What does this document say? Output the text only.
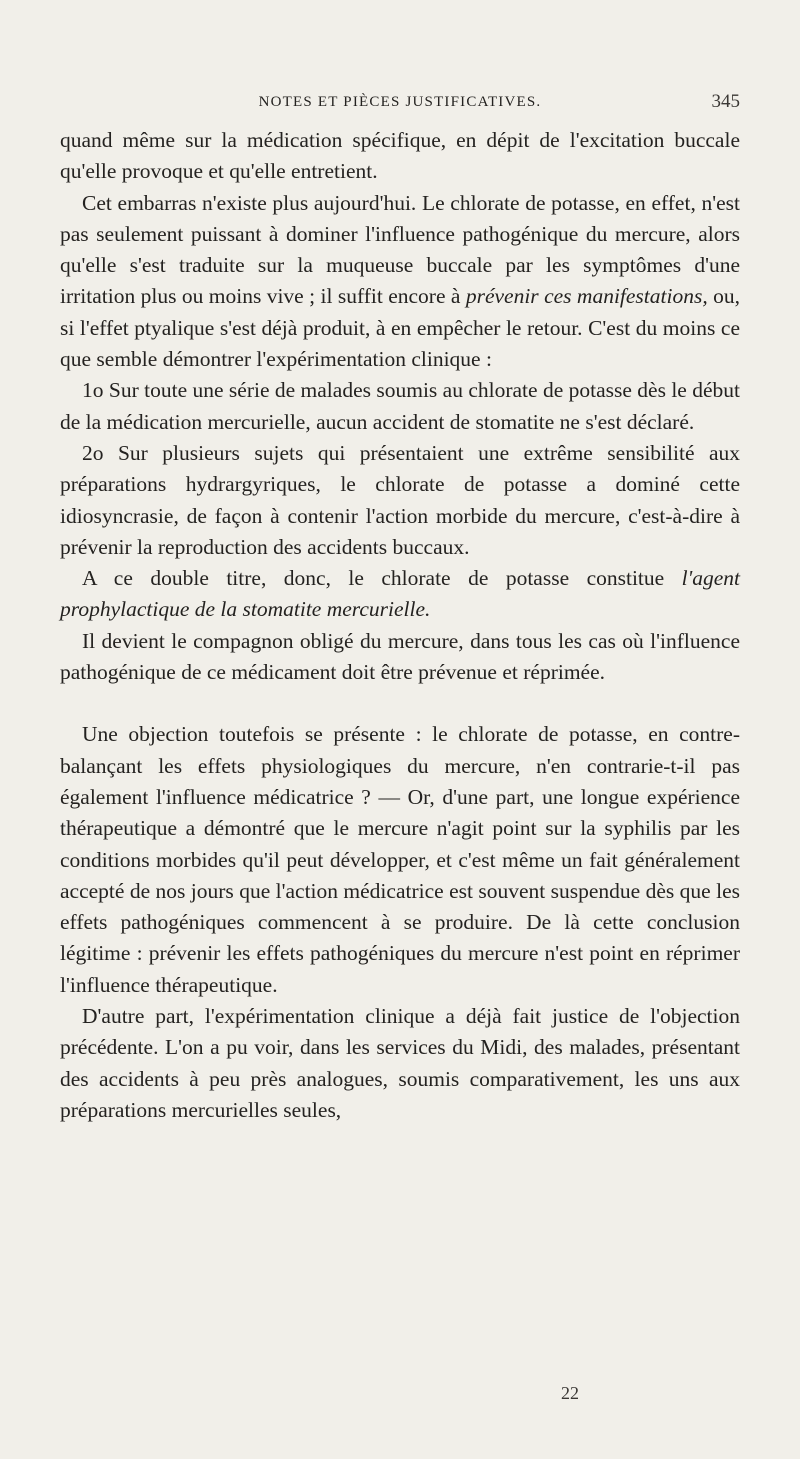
NOTES ET PIÈCES JUSTIFICATIVES.	345

quand même sur la médication spécifique, en dépit de l'excitation buccale qu'elle provoque et qu'elle entretient.

Cet embarras n'existe plus aujourd'hui. Le chlorate de potasse, en effet, n'est pas seulement puissant à dominer l'influence pathogénique du mercure, alors qu'elle s'est traduite sur la muqueuse buccale par les symptômes d'une irritation plus ou moins vive ; il suffit encore à prévenir ces manifestations, ou, si l'effet ptyalique s'est déjà produit, à en empêcher le retour. C'est du moins ce que semble démontrer l'expérimentation clinique :

1o Sur toute une série de malades soumis au chlorate de potasse dès le début de la médication mercurielle, aucun accident de stomatite ne s'est déclaré.

2o Sur plusieurs sujets qui présentaient une extrême sensibilité aux préparations hydrargyriques, le chlorate de potasse a dominé cette idiosyncrasie, de façon à contenir l'action morbide du mercure, c'est-à-dire à prévenir la reproduction des accidents buccaux.

A ce double titre, donc, le chlorate de potasse constitue l'agent prophylactique de la stomatite mercurielle.

Il devient le compagnon obligé du mercure, dans tous les cas où l'influence pathogénique de ce médicament doit être prévenue et réprimée.

Une objection toutefois se présente : le chlorate de potasse, en contre-balançant les effets physiologiques du mercure, n'en contrarie-t-il pas également l'influence médicatrice ? — Or, d'une part, une longue expérience thérapeutique a démontré que le mercure n'agit point sur la syphilis par les conditions morbides qu'il peut développer, et c'est même un fait généralement accepté de nos jours que l'action médicatrice est souvent suspendue dès que les effets pathogéniques commencent à se produire. De là cette conclusion légitime : prévenir les effets pathogéniques du mercure n'est point en réprimer l'influence thérapeutique.

D'autre part, l'expérimentation clinique a déjà fait justice de l'objection précédente. L'on a pu voir, dans les services du Midi, des malades, présentant des accidents à peu près analogues, soumis comparativement, les uns aux préparations mercurielles seules,

22
